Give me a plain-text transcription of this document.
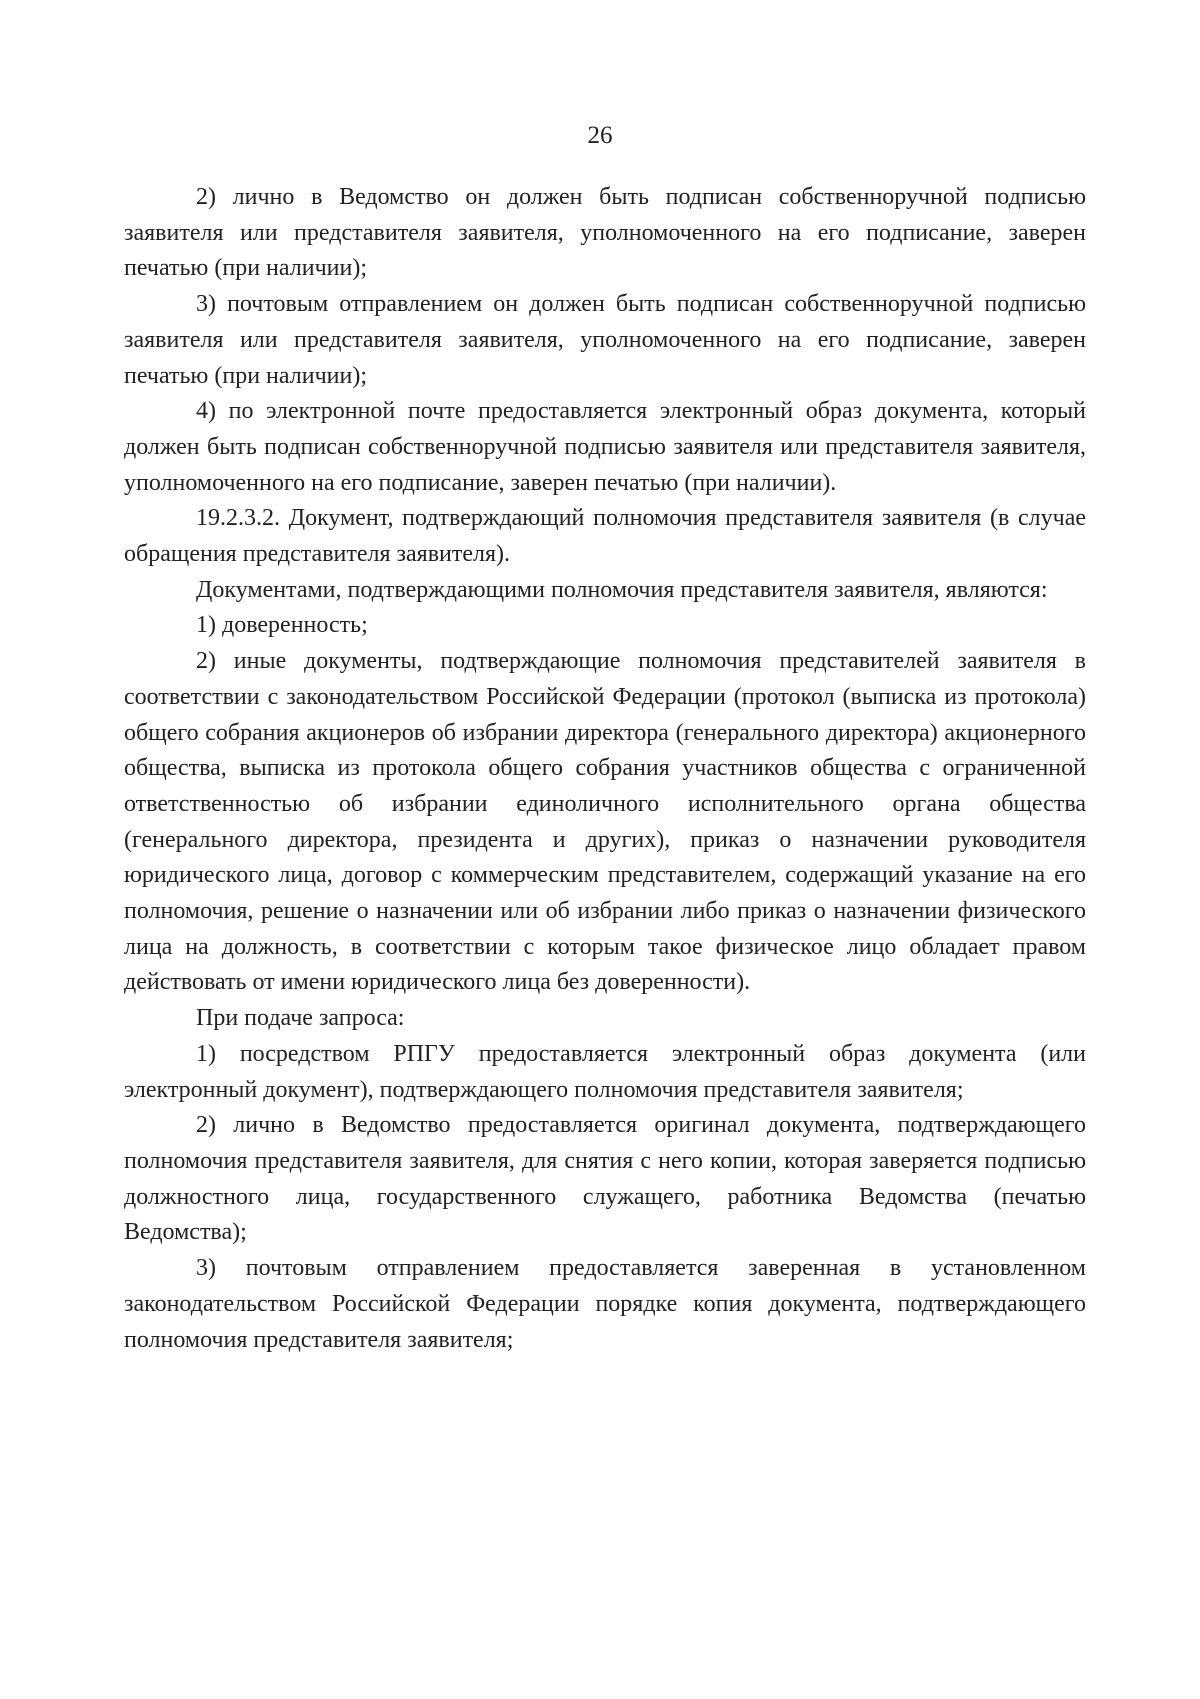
26

2) лично в Ведомство он должен быть подписан собственноручной подписью заявителя или представителя заявителя, уполномоченного на его подписание, заверен печатью (при наличии);

3) почтовым отправлением он должен быть подписан собственноручной подписью заявителя или представителя заявителя, уполномоченного на его подписание, заверен печатью (при наличии);

4) по электронной почте предоставляется электронный образ документа, который должен быть подписан собственноручной подписью заявителя или представителя заявителя, уполномоченного на его подписание, заверен печатью (при наличии).

19.2.3.2. Документ, подтверждающий полномочия представителя заявителя (в случае обращения представителя заявителя).

Документами, подтверждающими полномочия представителя заявителя, являются:

1) доверенность;

2) иные документы, подтверждающие полномочия представителей заявителя в соответствии с законодательством Российской Федерации (протокол (выписка из протокола) общего собрания акционеров об избрании директора (генерального директора) акционерного общества, выписка из протокола общего собрания участников общества с ограниченной ответственностью об избрании единоличного исполнительного органа общества (генерального директора, президента и других), приказ о назначении руководителя юридического лица, договор с коммерческим представителем, содержащий указание на его полномочия, решение о назначении или об избрании либо приказ о назначении физического лица на должность, в соответствии с которым такое физическое лицо обладает правом действовать от имени юридического лица без доверенности).

При подаче запроса:

1) посредством РПГУ предоставляется электронный образ документа (или электронный документ), подтверждающего полномочия представителя заявителя;

2) лично в Ведомство предоставляется оригинал документа, подтверждающего полномочия представителя заявителя, для снятия с него копии, которая заверяется подписью должностного лица, государственного служащего, работника Ведомства (печатью Ведомства);

3) почтовым отправлением предоставляется заверенная в установленном законодательством Российской Федерации порядке копия документа, подтверждающего полномочия представителя заявителя;
